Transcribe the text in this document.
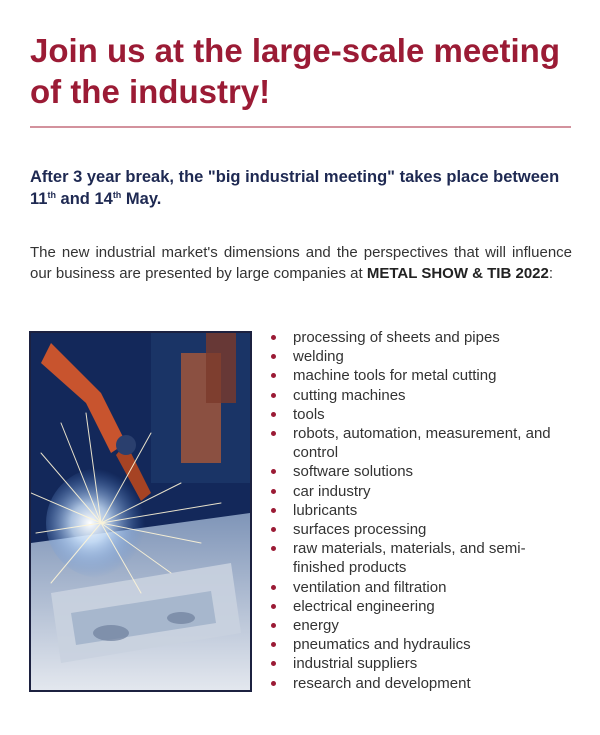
Join us at the large-scale meeting of the industry!

After 3 year break, the "big industrial meeting" takes place between 11th and 14th May.

The new industrial market's dimensions and the perspectives that will influence our business are presented by large companies at METAL SHOW & TIB 2022:

processing of sheets and pipes
welding
machine tools for metal cutting
cutting machines
tools
robots, automation, measurement, and control
software solutions
car industry
lubricants
surfaces processing
raw materials, materials, and semi-finished products
ventilation and filtration
electrical engineering
energy
pneumatics and hydraulics
industrial suppliers
research and development
